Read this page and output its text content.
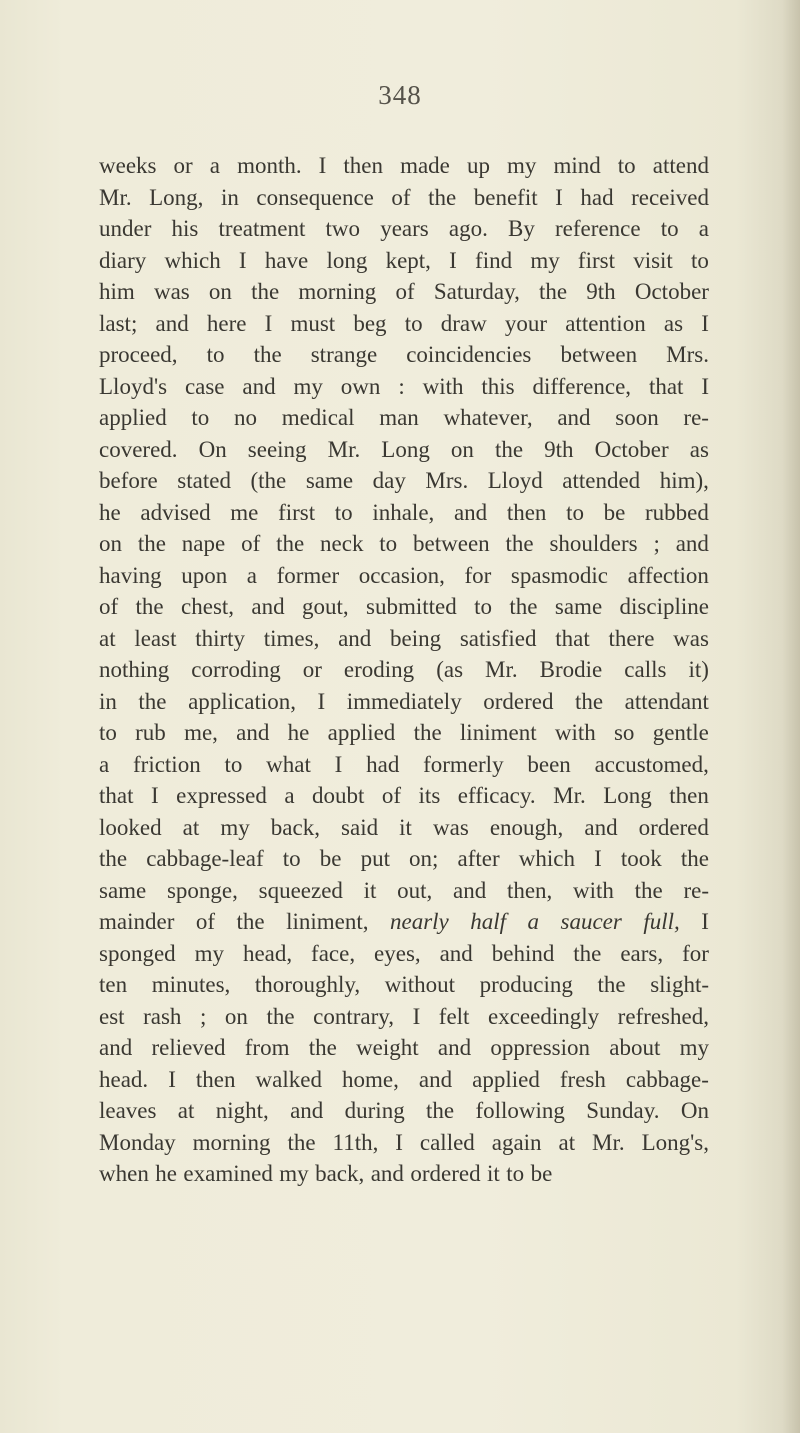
348
weeks or a month. I then made up my mind to attend
Mr. Long, in consequence of the benefit I had received
under his treatment two years ago. By reference to a
diary which I have long kept, I find my first visit to
him was on the morning of Saturday, the 9th October
last; and here I must beg to draw your attention as I
proceed, to the strange coincidencies between Mrs.
Lloyd's case and my own : with this difference, that I
applied to no medical man whatever, and soon re-
covered. On seeing Mr. Long on the 9th October as
before stated (the same day Mrs. Lloyd attended him),
he advised me first to inhale, and then to be rubbed
on the nape of the neck to between the shoulders ; and
having upon a former occasion, for spasmodic affection
of the chest, and gout, submitted to the same discipline
at least thirty times, and being satisfied that there was
nothing corroding or eroding (as Mr. Brodie calls it)
in the application, I immediately ordered the attendant
to rub me, and he applied the liniment with so gentle
a friction to what I had formerly been accustomed,
that I expressed a doubt of its efficacy. Mr. Long then
looked at my back, said it was enough, and ordered
the cabbage-leaf to be put on; after which I took the
same sponge, squeezed it out, and then, with the re-
mainder of the liniment, nearly half a saucer full, I
sponged my head, face, eyes, and behind the ears, for
ten minutes, thoroughly, without producing the slight-
est rash ; on the contrary, I felt exceedingly refreshed,
and relieved from the weight and oppression about my
head. I then walked home, and applied fresh cabbage-
leaves at night, and during the following Sunday. On
Monday morning the 11th, I called again at Mr. Long's,
when he examined my back, and ordered it to be
